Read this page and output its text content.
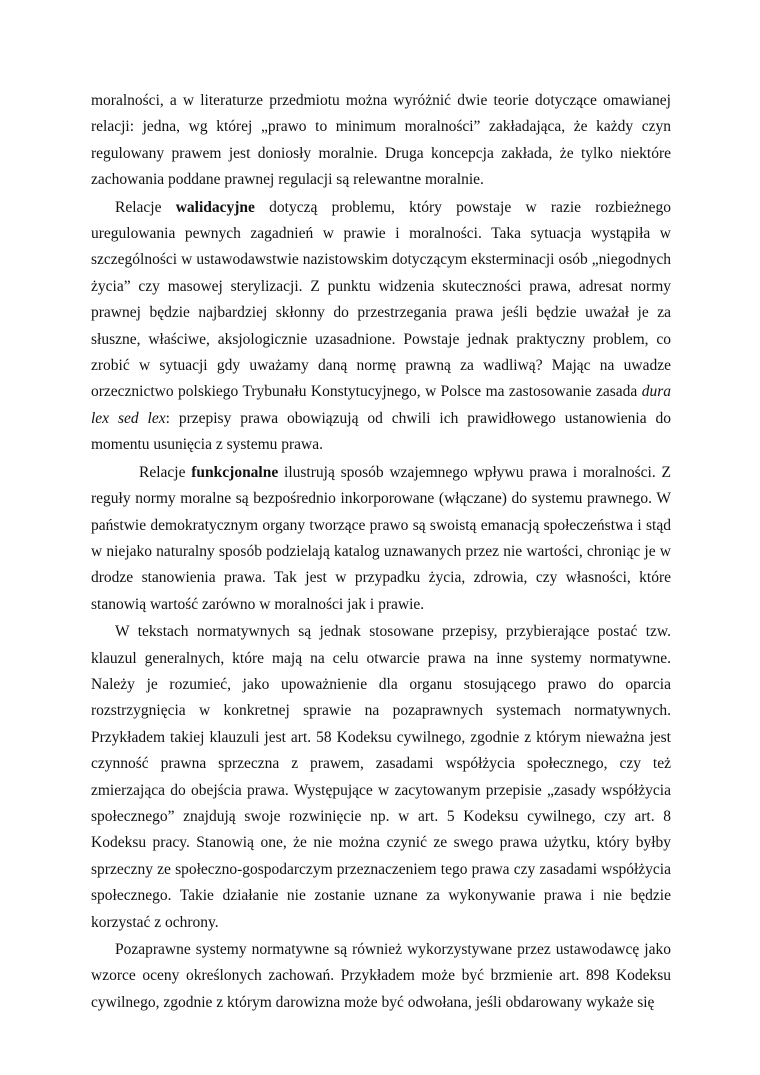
moralności, a w literaturze przedmiotu można wyróżnić dwie teorie dotyczące omawianej relacji: jedna, wg której „prawo to minimum moralności” zakładająca, że każdy czyn regulowany prawem jest doniosły moralnie. Druga koncepcja zakłada, że tylko niektóre zachowania poddane prawnej regulacji są relewantne moralnie.

Relacje walidacyjne dotyczą problemu, który powstaje w razie rozbieżnego uregulowania pewnych zagadnień w prawie i moralności. Taka sytuacja wystąpiła w szczególności w ustawodawstwie nazistowskim dotyczącym eksterminacji osób „niegodnych życia” czy masowej sterylizacji. Z punktu widzenia skuteczności prawa, adresat normy prawnej będzie najbardziej skłonny do przestrzegania prawa jeśli będzie uważał je za słuszne, właściwe, aksjologicznie uzasadnione. Powstaje jednak praktyczny problem, co zrobić w sytuacji gdy uważamy daną normę prawną za wadliwą? Mając na uwadze orzecznictwo polskiego Trybunału Konstytucyjnego, w Polsce ma zastosowanie zasada dura lex sed lex: przepisy prawa obowiązują od chwili ich prawidłowego ustanowienia do momentu usunięcia z systemu prawa.

Relacje funkcjonalne ilustrują sposób wzajemnego wpływu prawa i moralności. Z reguły normy moralne są bezpośrednio inkorporowane (włączane) do systemu prawnego. W państwie demokratycznym organy tworzące prawo są swoistą emanacją społeczeństwa i stąd w niejako naturalny sposób podzielają katalog uznawanych przez nie wartości, chroniąc je w drodze stanowienia prawa. Tak jest w przypadku życia, zdrowia, czy własności, które stanowią wartość zarówno w moralności jak i prawie.

W tekstach normatywnych są jednak stosowane przepisy, przybierające postać tzw. klauzul generalnych, które mają na celu otwarcie prawa na inne systemy normatywne. Należy je rozumieć, jako upoważnienie dla organu stosującego prawo do oparcia rozstrzygnięcia w konkretnej sprawie na pozaprawnych systemach normatywnych. Przykładem takiej klauzuli jest art. 58 Kodeksu cywilnego, zgodnie z którym nieważna jest czynność prawna sprzeczna z prawem, zasadami współżycia społecznego, czy też zmierzająca do obejścia prawa. Występujące w zacytowanym przepisie „zasady współżycia społecznego” znajdują swoje rozwinięcie np. w art. 5 Kodeksu cywilnego, czy art. 8 Kodeksu pracy. Stanowią one, że nie można czynić ze swego prawa użytku, który byłby sprzeczny ze społeczno-gospodarczym przeznaczeniem tego prawa czy zasadami współżycia społecznego. Takie działanie nie zostanie uznane za wykonywanie prawa i nie będzie korzystać z ochrony.

Pozaprawne systemy normatywne są również wykorzystywane przez ustawodawcę jako wzorce oceny określonych zachowań. Przykładem może być brzmienie art. 898 Kodeksu cywilnego, zgodnie z którym darowizna może być odwołana, jeśli obdarowany wykaże się
